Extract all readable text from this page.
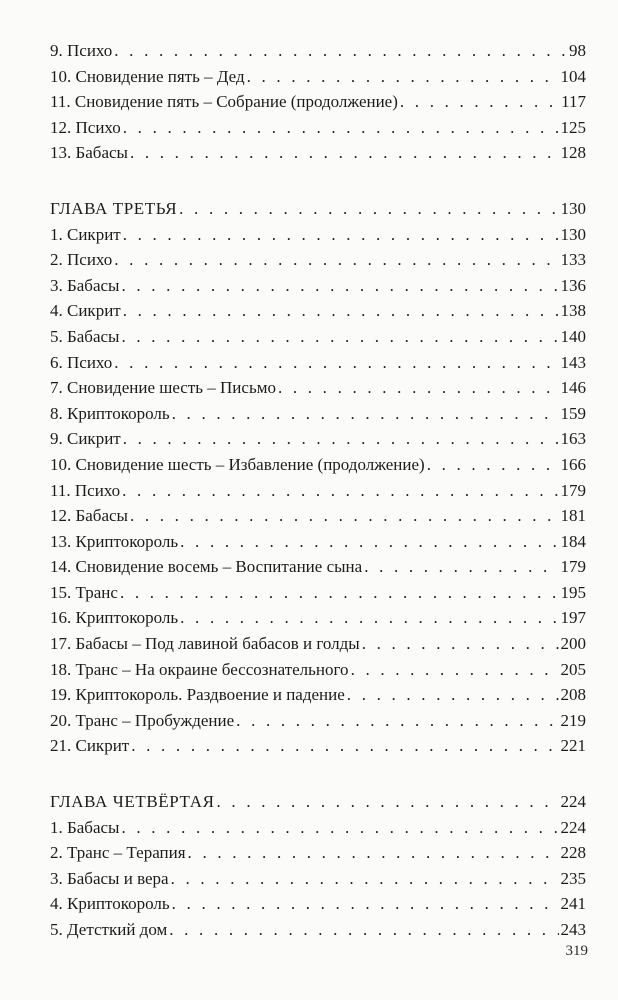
9. Психо . . .	98
10. Сновидение пять – Дед . . .	104
11. Сновидение пять – Собрание (продолжение) . . .	117
12. Психо . . .	125
13. Бабасы . . .	128
ГЛАВА ТРЕТЬЯ . . .	130
1. Сикрит . . .	130
2. Психо . . .	133
3. Бабасы . . .	136
4. Сикрит . . .	138
5. Бабасы . . .	140
6. Психо . . .	143
7. Сновидение шесть – Письмо . . .	146
8. Криптокороль . . .	159
9. Сикрит . . .	163
10. Сновидение шесть – Избавление (продолжение) . . .	166
11. Психо . . .	179
12. Бабасы . . .	181
13. Криптокороль . . .	184
14. Сновидение восемь – Воспитание сына . . .	179
15. Транс . . .	195
16. Криптокороль . . .	197
17. Бабасы – Под лавиной бабасов и голды . . .	200
18. Транс – На окраине бессознательного . . .	205
19. Криптокороль. Раздвоение и падение . . .	208
20. Транс – Пробуждение . . .	219
21. Сикрит . . .	221
ГЛАВА ЧЕТВЁРТАЯ . . .	224
1. Бабасы . . .	224
2. Транс – Терапия . . .	228
3. Бабасы и вера . . .	235
4. Криптокороль . . .	241
5. Детсткий дом . . .	243
319
